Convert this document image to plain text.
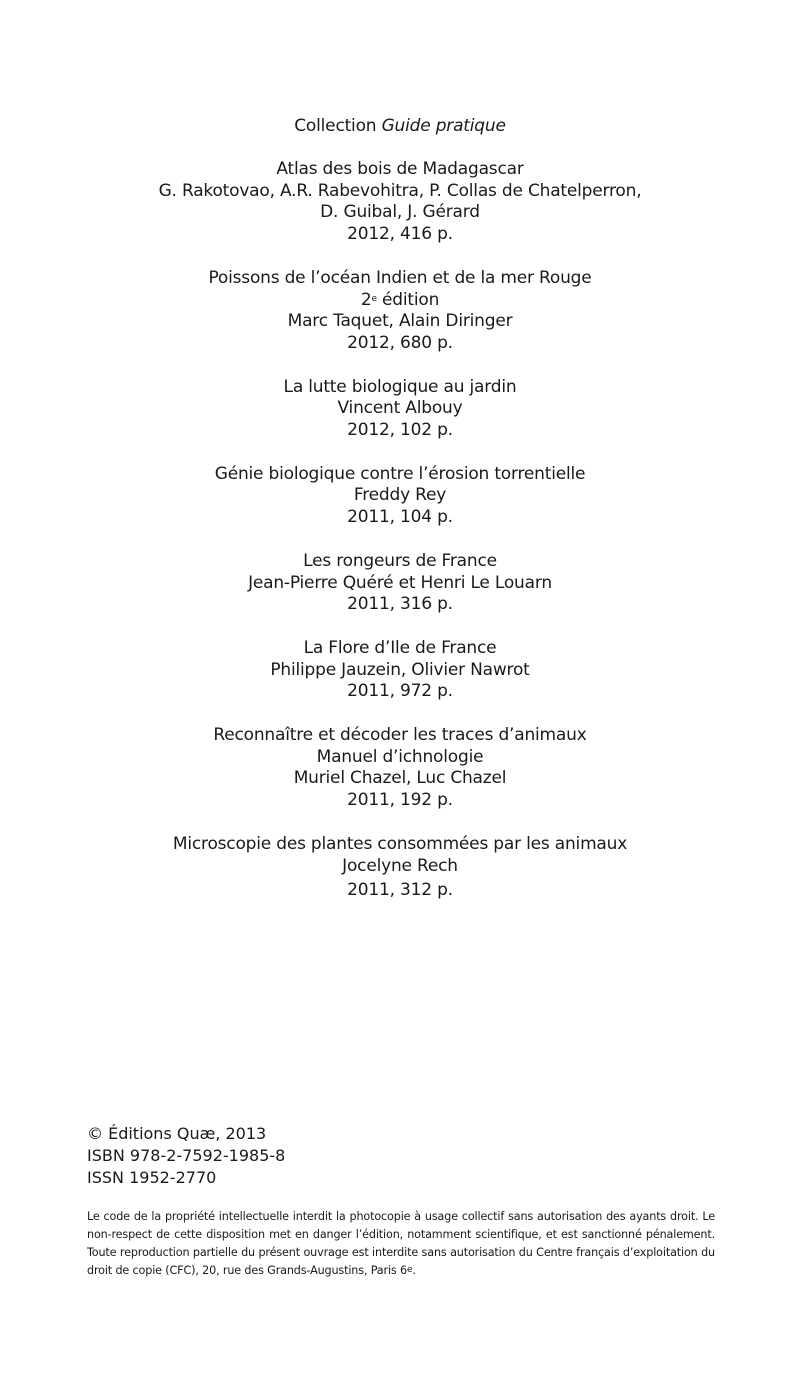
Collection Guide pratique
Atlas des bois de Madagascar
G. Rakotovao, A.R. Rabevohitra, P. Collas de Chatelperron,
D. Guibal, J. Gérard
2012, 416 p.
Poissons de l’océan Indien et de la mer Rouge
2e édition
Marc Taquet, Alain Diringer
2012, 680 p.
La lutte biologique au jardin
Vincent Albouy
2012, 102 p.
Génie biologique contre l’érosion torrentielle
Freddy Rey
2011, 104 p.
Les rongeurs de France
Jean-Pierre Quéré et Henri Le Louarn
2011, 316 p.
La Flore d’Ile de France
Philippe Jauzein, Olivier Nawrot
2011, 972 p.
Reconnaître et décoder les traces d’animaux
Manuel d’ichnologie
Muriel Chazel, Luc Chazel
2011, 192 p.
Microscopie des plantes consommées par les animaux
Jocelyne Rech
2011, 312 p.
© Éditions Quæ, 2013
ISBN 978-2-7592-1985-8
ISSN 1952-2770
Le code de la propriété intellectuelle interdit la photocopie à usage collectif sans autorisation des ayants droit. Le non-respect de cette disposition met en danger l’édition, notamment scientifique, et est sanctionné pénalement. Toute reproduction partielle du présent ouvrage est interdite sans autorisation du Centre français d’exploitation du droit de copie (CFC), 20, rue des Grands-Augustins, Paris 6e.
